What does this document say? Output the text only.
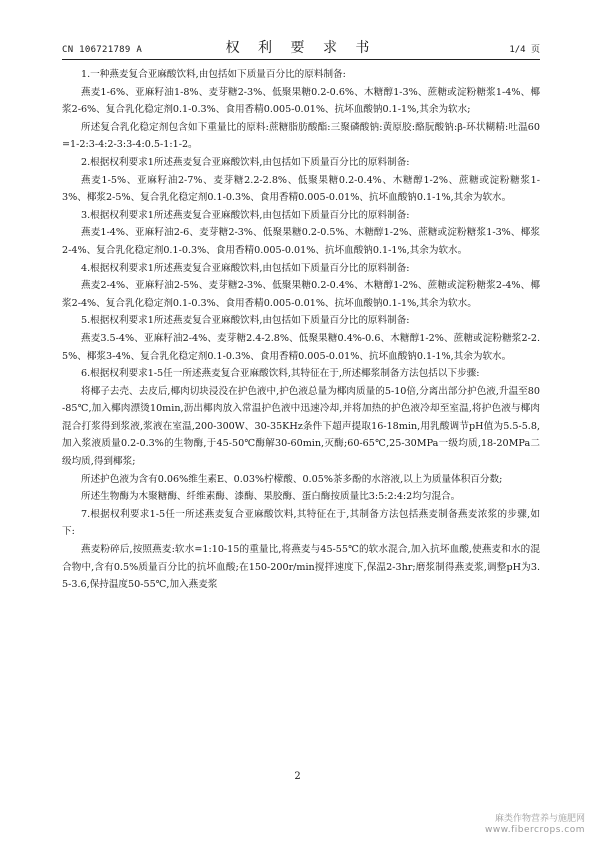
CN 106721789 A	权 利 要 求 书	1/4 页

1.一种燕麦复合亚麻酸饮料,由包括如下质量百分比的原料制备:

燕麦1-6%、亚麻籽油1-8%、麦芽糖2-3%、低聚果糖0.2-0.6%、木糖醇1-3%、蔗糖或淀粉糖浆1-4%、椰浆2-6%、复合乳化稳定剂0.1-0.3%、食用香精0.005-0.01%、抗坏血酸钠0.1-1%,其余为软水;

所述复合乳化稳定剂包含如下重量比的原料:蔗糖脂肪酸酯:三聚磷酸钠:黄原胶:酪朊酸钠:β-环状糊精:吐温60=1-2:3-4:2-3:3-4:0.5-1:1-2。

2.根据权利要求1所述燕麦复合亚麻酸饮料,由包括如下质量百分比的原料制备:

燕麦1-5%、亚麻籽油2-7%、麦芽糖2.2-2.8%、低聚果糖0.2-0.4%、木糖醇1-2%、蔗糖或淀粉糖浆1-3%、椰浆2-5%、复合乳化稳定剂0.1-0.3%、食用香精0.005-0.01%、抗坏血酸钠0.1-1%,其余为软水。

3.根据权利要求1所述燕麦复合亚麻酸饮料,由包括如下质量百分比的原料制备:

燕麦1-4%、亚麻籽油2-6、麦芽糖2-3%、低聚果糖0.2-0.5%、木糖醇1-2%、蔗糖或淀粉糖浆1-3%、椰浆2-4%、复合乳化稳定剂0.1-0.3%、食用香精0.005-0.01%、抗坏血酸钠0.1-1%,其余为软水。

4.根据权利要求1所述燕麦复合亚麻酸饮料,由包括如下质量百分比的原料制备:

燕麦2-4%、亚麻籽油2-5%、麦芽糖2-3%、低聚果糖0.2-0.4%、木糖醇1-2%、蔗糖或淀粉糖浆2-4%、椰浆2-4%、复合乳化稳定剂0.1-0.3%、食用香精0.005-0.01%、抗坏血酸钠0.1-1%,其余为软水。

5.根据权利要求1所述燕麦复合亚麻酸饮料,由包括如下质量百分比的原料制备:

燕麦3.5-4%、亚麻籽油2-4%、麦芽糖2.4-2.8%、低聚果糖0.4%-0.6、木糖醇1-2%、蔗糖或淀粉糖浆2-2.5%、椰浆3-4%、复合乳化稳定剂0.1-0.3%、食用香精0.005-0.01%、抗坏血酸钠0.1-1%,其余为软水。

6.根据权利要求1-5任一所述燕麦复合亚麻酸饮料,其特征在于,所述椰浆制备方法包括以下步骤:

将椰子去壳、去皮后,椰肉切块浸没在护色液中,护色液总量为椰肉质量的5-10倍,分离出部分护色液,升温至80-85℃,加入椰肉漂烫10min,沥出椰肉放入常温护色液中迅速冷却,并将加热的护色液冷却至室温,将护色液与椰肉混合打浆得到浆液,浆液在室温,200-300W、30-35KHz条件下超声提取16-18min,用乳酸调节pH值为5.5-5.8,加入浆液质量0.2-0.3%的生物酶,于45-50℃酶解30-60min,灭酶;60-65℃,25-30MPa一级均质,18-20MPa二级均质,得到椰浆;

所述护色液为含有0.06%维生素E、0.03%柠檬酸、0.05%茶多酚的水溶液,以上为质量体积百分数;

所述生物酶为木聚糖酶、纤维素酶、漆酶、果胶酶、蛋白酶按质量比3:5:2:4:2均匀混合。

7.根据权利要求1-5任一所述燕麦复合亚麻酸饮料,其特征在于,其制备方法包括燕麦制备燕麦浓浆的步骤,如下:

燕麦粉碎后,按照燕麦:软水=1:10-15的重量比,将燕麦与45-55℃的软水混合,加入抗坏血酸,使燕麦和水的混合物中,含有0.5%质量百分比的抗坏血酸;在150-200r/min搅拌速度下,保温2-3hr;磨浆制得燕麦浆,调整pH为3.5-3.6,保持温度50-55℃,加入燕麦浆

2
麻类作物营养与施肥网
www.fibercrops.com
